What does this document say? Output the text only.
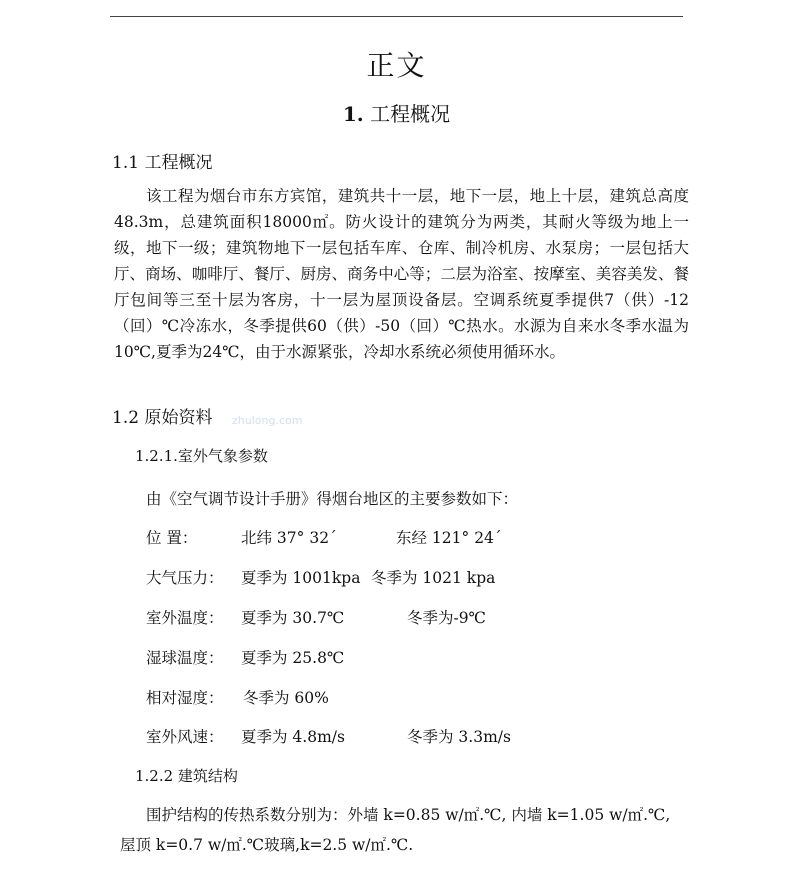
正文
1. 工程概况
1.1 工程概况
该工程为烟台市东方宾馆，建筑共十一层，地下一层，地上十层，建筑总高度48.3m，总建筑面积18000㎡。防火设计的建筑分为两类，其耐火等级为地上一级，地下一级；建筑物地下一层包括车库、仓库、制冷机房、水泵房；一层包括大厅、商场、咖啡厅、餐厅、厨房、商务中心等；二层为浴室、按摩室、美容美发、餐厅包间等三至十层为客房，十一层为屋顶设备层。空调系统夏季提供7（供）-12（回）℃冷冻水，冬季提供60（供）-50（回）℃热水。水源为自来水冬季水温为10℃,夏季为24℃，由于水源紧张，冷却水系统必须使用循环水。
1.2 原始资料 zhulong.com
1.2.1.室外气象参数
由《空气调节设计手册》得烟台地区的主要参数如下：
位 置：	北纬 37° 32ˊ	东经 121° 24ˊ
大气压力： 夏季为 1001kpa 冬季为 1021 kpa
室外温度： 夏季为 30.7℃	冬季为-9℃
湿球温度： 夏季为 25.8℃
相对湿度： 冬季为 60%
室外风速： 夏季为 4.8m/s	冬季为 3.3m/s
1.2.2 建筑结构
围护结构的传热系数分别为：外墙 k=0.85 w/㎡.℃, 内墙 k=1.05 w/㎡.℃,
屋顶 k=0.7 w/㎡.℃玻璃,k=2.5 w/㎡.℃.
